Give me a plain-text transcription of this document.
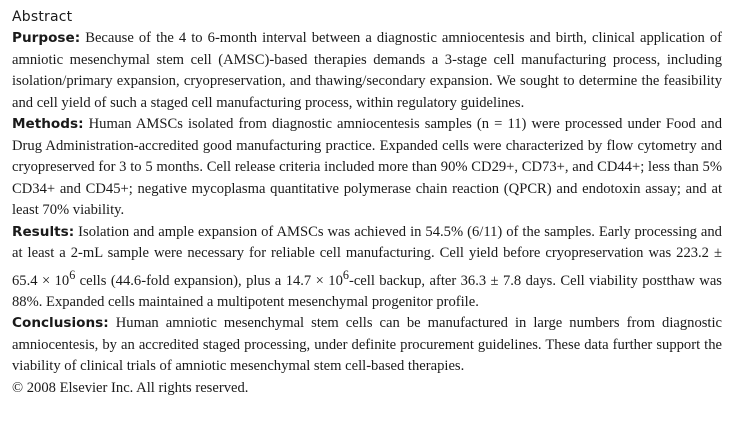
Abstract

Purpose: Because of the 4 to 6-month interval between a diagnostic amniocentesis and birth, clinical application of amniotic mesenchymal stem cell (AMSC)-based therapies demands a 3-stage cell manufacturing process, including isolation/primary expansion, cryopreservation, and thawing/secondary expansion. We sought to determine the feasibility and cell yield of such a staged cell manufacturing process, within regulatory guidelines.

Methods: Human AMSCs isolated from diagnostic amniocentesis samples (n = 11) were processed under Food and Drug Administration-accredited good manufacturing practice. Expanded cells were characterized by flow cytometry and cryopreserved for 3 to 5 months. Cell release criteria included more than 90% CD29+, CD73+, and CD44+; less than 5% CD34+ and CD45+; negative mycoplasma quantitative polymerase chain reaction (QPCR) and endotoxin assay; and at least 70% viability.

Results: Isolation and ample expansion of AMSCs was achieved in 54.5% (6/11) of the samples. Early processing and at least a 2-mL sample were necessary for reliable cell manufacturing. Cell yield before cryopreservation was $223.2 \pm 65.4 \times 10^6$ cells (44.6-fold expansion), plus a $14.7 \times 10^6$-cell backup, after 36.3 ± 7.8 days. Cell viability postthaw was 88%. Expanded cells maintained a multipotent mesenchymal progenitor profile.

Conclusions: Human amniotic mesenchymal stem cells can be manufactured in large numbers from diagnostic amniocentesis, by an accredited staged processing, under definite procurement guidelines. These data further support the viability of clinical trials of amniotic mesenchymal stem cell-based therapies.

© 2008 Elsevier Inc. All rights reserved.
